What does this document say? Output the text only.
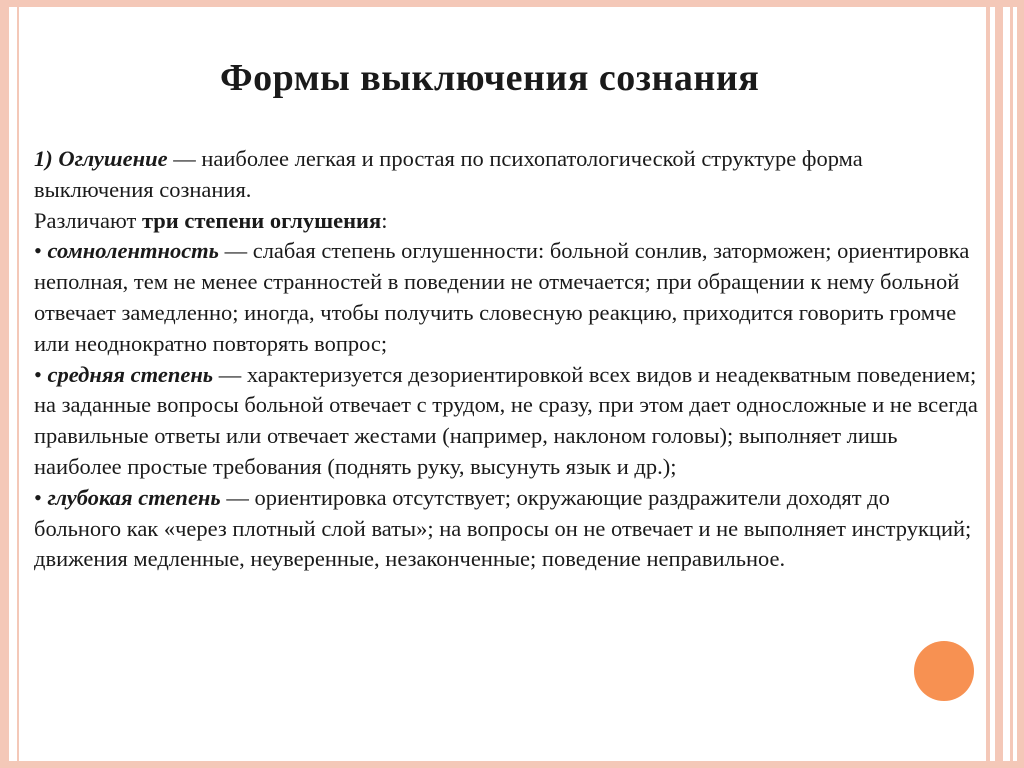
Формы выключения сознания

1) Оглушение — наиболее легкая и простая по психопатологической структуре форма выключения сознания.

Различают три степени оглушения:

• сомнолентность — слабая степень оглушенности: больной сонлив, заторможен; ориентировка неполная, тем не менее странностей в поведении не отмечается; при обращении к нему больной отвечает замедленно; иногда, чтобы получить словесную реакцию, приходится говорить громче или неоднократно повторять вопрос;

• средняя степень — характеризуется дезориентировкой всех видов и неадекватным поведением; на заданные вопросы больной отвечает с трудом, не сразу, при этом дает односложные и не всегда правильные ответы или отвечает жестами (например, наклоном головы); выполняет лишь наиболее простые требования (поднять руку, высунуть язык и др.);

• глубокая степень — ориентировка отсутствует; окружающие раздражители доходят до больного как «через плотный слой ваты»; на вопросы он не отвечает и не выполняет инструкций; движения медленные, неуверенные, незаконченные; поведение неправильное.
